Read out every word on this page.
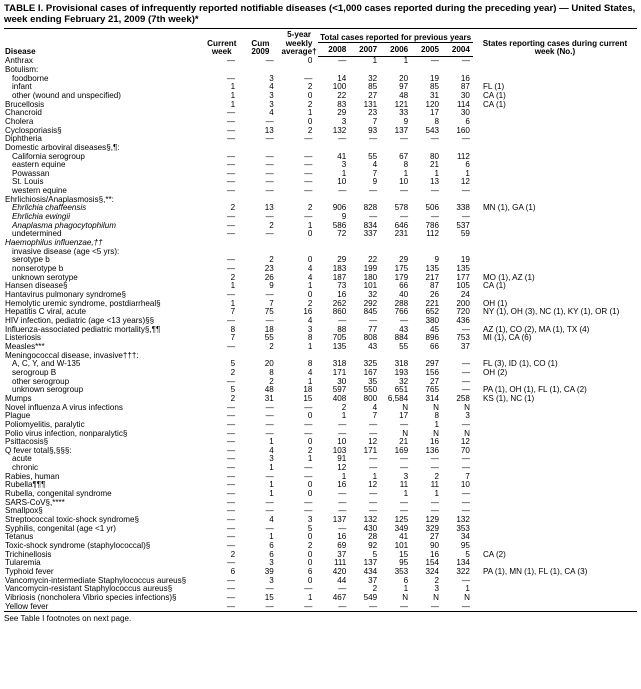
TABLE I. Provisional cases of infrequently reported notifiable diseases (<1,000 cases reported during the preceding year) — United States, week ending February 21, 2009 (7th week)*
Disease	Current week	Cum 2009	5-year weekly average†	Total cases reported for previous years					States reporting cases during current week (No.)
				2008	2007	2006	2005	2004	
Anthrax	—	—	0	—	1	1	—	—	
Botulism:									
foodborne	—	3	—	14	32	20	19	16	
infant	1	4	2	100	85	97	85	87	FL (1)
other (wound and unspecified)	1	3	0	22	27	48	31	30	CA (1)
Brucellosis	1	3	2	83	131	121	120	114	CA (1)
Chancroid	—	4	1	29	23	33	17	30	
Cholera	—	—	0	3	7	9	8	6	
Cyclosporiasis§	—	13	2	132	93	137	543	160	
Diphtheria	—	—	—	—	—	—	—	—	
Domestic arboviral diseases§,¶:									
California serogroup	—	—	—	41	55	67	80	112	
eastern equine	—	—	—	3	4	8	21	6	
Powassan	—	—	—	1	7	1	1	1	
St. Louis	—	—	—	10	9	10	13	12	
western equine	—	—	—	—	—	—	—	—	
Ehrlichiosis/Anaplasmosis§,**:									
Ehrlichia chaffeensis	2	13	2	906	828	578	506	338	MN (1), GA (1)
Ehrlichia ewingii	—	—	—	9	—	—	—	—	
Anaplasma phagocytophilum	—	2	1	586	834	646	786	537	
undetermined	—	—	0	72	337	231	112	59	
Haemophilus influenzae,††									
invasive disease (age <5 yrs):									
serotype b	—	2	0	29	22	29	9	19	
nonserotype b	—	23	4	183	199	175	135	135	
unknown serotype	2	26	4	187	180	179	217	177	MO (1), AZ (1)
Hansen disease§	1	9	1	73	101	66	87	105	CA (1)
Hantavirus pulmonary syndrome§	—	—	0	16	32	40	26	24	
Hemolytic uremic syndrome, postdiarrheal§	1	7	2	262	292	288	221	200	OH (1)
Hepatitis C viral, acute	7	75	16	860	845	766	652	720	NY (1), OH (3), NC (1), KY (1), OR (1)
HIV infection, pediatric (age <13 years)§§	—	—	4	—	—	—	380	436	
Influenza-associated pediatric mortality§,¶¶	8	18	3	88	77	43	45	—	AZ (1), CO (2), MA (1), TX (4)
Listeriosis	7	55	8	705	808	884	896	753	MI (1), CA (6)
Measles***	—	2	1	135	43	55	66	37	
Meningococcal disease, invasive†††:									
A, C, Y, and W-135	5	20	8	318	325	318	297	—	FL (3), ID (1), CO (1)
serogroup B	2	8	4	171	167	193	156	—	OH (2)
other serogroup	—	2	1	30	35	32	27	—	
unknown serogroup	5	48	18	597	550	651	765	—	PA (1), OH (1), FL (1), CA (2)
Mumps	2	31	15	408	800	6,584	314	258	KS (1), NC (1)
Novel influenza A virus infections	—	—	—	2	4	N	N	N	
Plague	—	—	0	1	7	17	8	3	
Poliomyelitis, paralytic	—	—	—	—	—	—	1	—	
Polio virus infection, nonparalytic§	—	—	—	—	—	N	N	N	
Psittacosis§	—	1	0	10	12	21	16	12	
Q fever total§,§§§:	—	4	2	103	171	169	136	70	
acute	—	3	1	91	—	—	—	—	
chronic	—	1	—	12	—	—	—	—	
Rabies, human	—	—	—	1	1	3	2	7	
Rubella¶¶¶	—	1	0	16	12	11	11	10	
Rubella, congenital syndrome	—	1	0	—	—	1	1	—	
SARS-CoV§,****	—	—	—	—	—	—	—	—	
Smallpox§	—	—	—	—	—	—	—	—	
Streptococcal toxic-shock syndrome§	—	4	3	137	132	125	129	132	
Syphilis, congenital (age <1 yr)	—	—	5	—	430	349	329	353	
Tetanus	—	1	0	16	28	41	27	34	
Toxic-shock syndrome (staphylococcal)§	—	6	2	69	92	101	90	95	
Trichinellosis	2	6	0	37	5	15	16	5	CA (2)
Tularemia	—	3	0	111	137	95	154	134	
Typhoid fever	6	39	6	420	434	353	324	322	PA (1), MN (1), FL (1), CA (3)
Vancomycin-intermediate Staphylococcus aureus§	—	3	0	44	37	6	2	—	
Vancomycin-resistant Staphylococcus aureus§	—	—	—	—	2	1	3	1	
Vibriosis (noncholera Vibrio species infections)§	—	15	1	467	549	N	N	N	
Yellow fever	—	—	—	—	—	—	—	—	
See Table I footnotes on next page.
